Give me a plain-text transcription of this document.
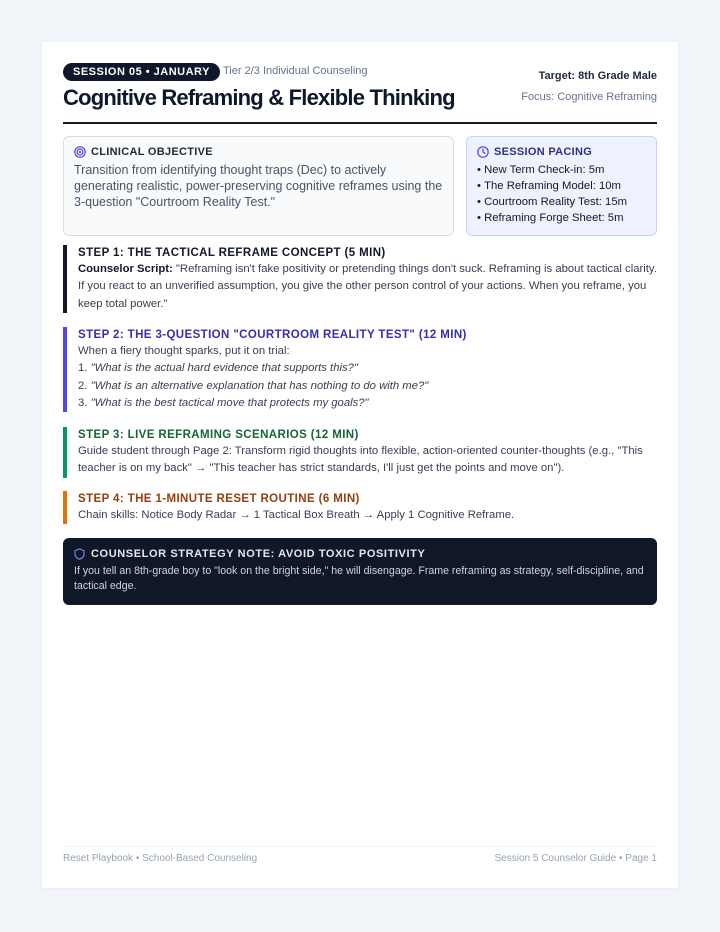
SESSION 05 • JANUARY	Tier 2/3 Individual Counseling
Cognitive Reframing & Flexible Thinking
Target: 8th Grade Male
Focus: Cognitive Reframing
CLINICAL OBJECTIVE
Transition from identifying thought traps (Dec) to actively generating realistic, power-preserving cognitive reframes using the 3-question "Courtroom Reality Test."
SESSION PACING
• New Term Check-in: 5m
• The Reframing Model: 10m
• Courtroom Reality Test: 15m
• Reframing Forge Sheet: 5m
STEP 1: THE TACTICAL REFRAME CONCEPT (5 MIN)

Counselor Script: "Reframing isn't fake positivity or pretending things don't suck. Reframing is about tactical clarity. If you react to an unverified assumption, you give the other person control of your actions. When you reframe, you keep total power."

STEP 2: THE 3-QUESTION "COURTROOM REALITY TEST" (12 MIN)

When a fiery thought sparks, put it on trial:

1. "What is the actual hard evidence that supports this?"
2. "What is an alternative explanation that has nothing to do with me?"
3. "What is the best tactical move that protects my goals?"
STEP 3: LIVE REFRAMING SCENARIOS (12 MIN)

Guide student through Page 2: Transform rigid thoughts into flexible, action-oriented counter-thoughts (e.g., "This teacher is on my back" → "This teacher has strict standards, I'll just get the points and move on").

STEP 4: THE 1-MINUTE RESET ROUTINE (6 MIN)

Chain skills: Notice Body Radar → 1 Tactical Box Breath → Apply 1 Cognitive Reframe.

COUNSELOR STRATEGY NOTE: AVOID TOXIC POSITIVITY

If you tell an 8th-grade boy to "look on the bright side," he will disengage. Frame reframing as strategy, self-discipline, and tactical edge.

Reset Playbook • School-Based Counseling	Session 5 Counselor Guide • Page 1
